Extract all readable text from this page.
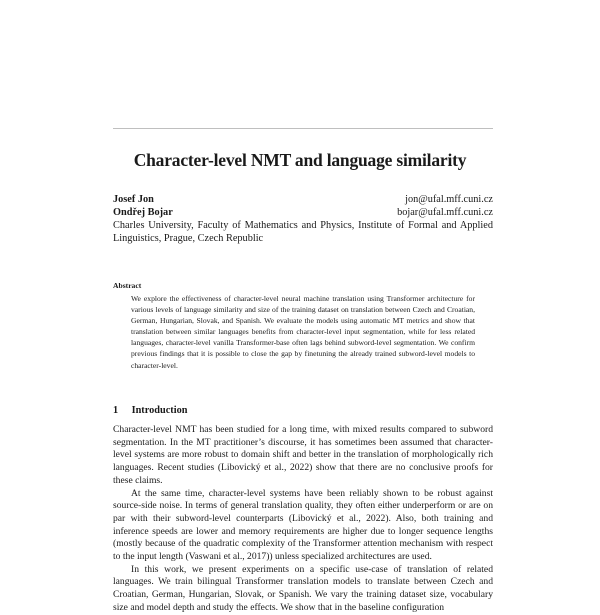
Character-level NMT and language similarity
Josef Jon	jon@ufal.mff.cuni.cz
Ondřej Bojar	bojar@ufal.mff.cuni.cz
Charles University, Faculty of Mathematics and Physics, Institute of Formal and Applied Linguistics, Prague, Czech Republic
Abstract
We explore the effectiveness of character-level neural machine translation using Transformer architecture for various levels of language similarity and size of the training dataset on translation between Czech and Croatian, German, Hungarian, Slovak, and Spanish. We evaluate the models using automatic MT metrics and show that translation between similar languages benefits from character-level input segmentation, while for less related languages, character-level vanilla Transformer-base often lags behind subword-level segmentation. We confirm previous findings that it is possible to close the gap by finetuning the already trained subword-level models to character-level.
1 Introduction

Character-level NMT has been studied for a long time, with mixed results compared to subword segmentation. In the MT practitioner’s discourse, it has sometimes been assumed that character-level systems are more robust to domain shift and better in the translation of morphologically rich languages. Recent studies (Libovický et al., 2022) show that there are no conclusive proofs for these claims.

At the same time, character-level systems have been reliably shown to be robust against source-side noise. In terms of general translation quality, they often either underperform or are on par with their subword-level counterparts (Libovický et al., 2022). Also, both training and inference speeds are lower and memory requirements are higher due to longer sequence lengths (mostly because of the quadratic complexity of the Transformer attention mechanism with respect to the input length (Vaswani et al., 2017)) unless specialized architectures are used.

In this work, we present experiments on a specific use-case of translation of related languages. We train bilingual Transformer translation models to translate between Czech and Croatian, German, Hungarian, Slovak, or Spanish. We vary the training dataset size, vocabulary size and model depth and study the effects. We show that in the baseline configuration
